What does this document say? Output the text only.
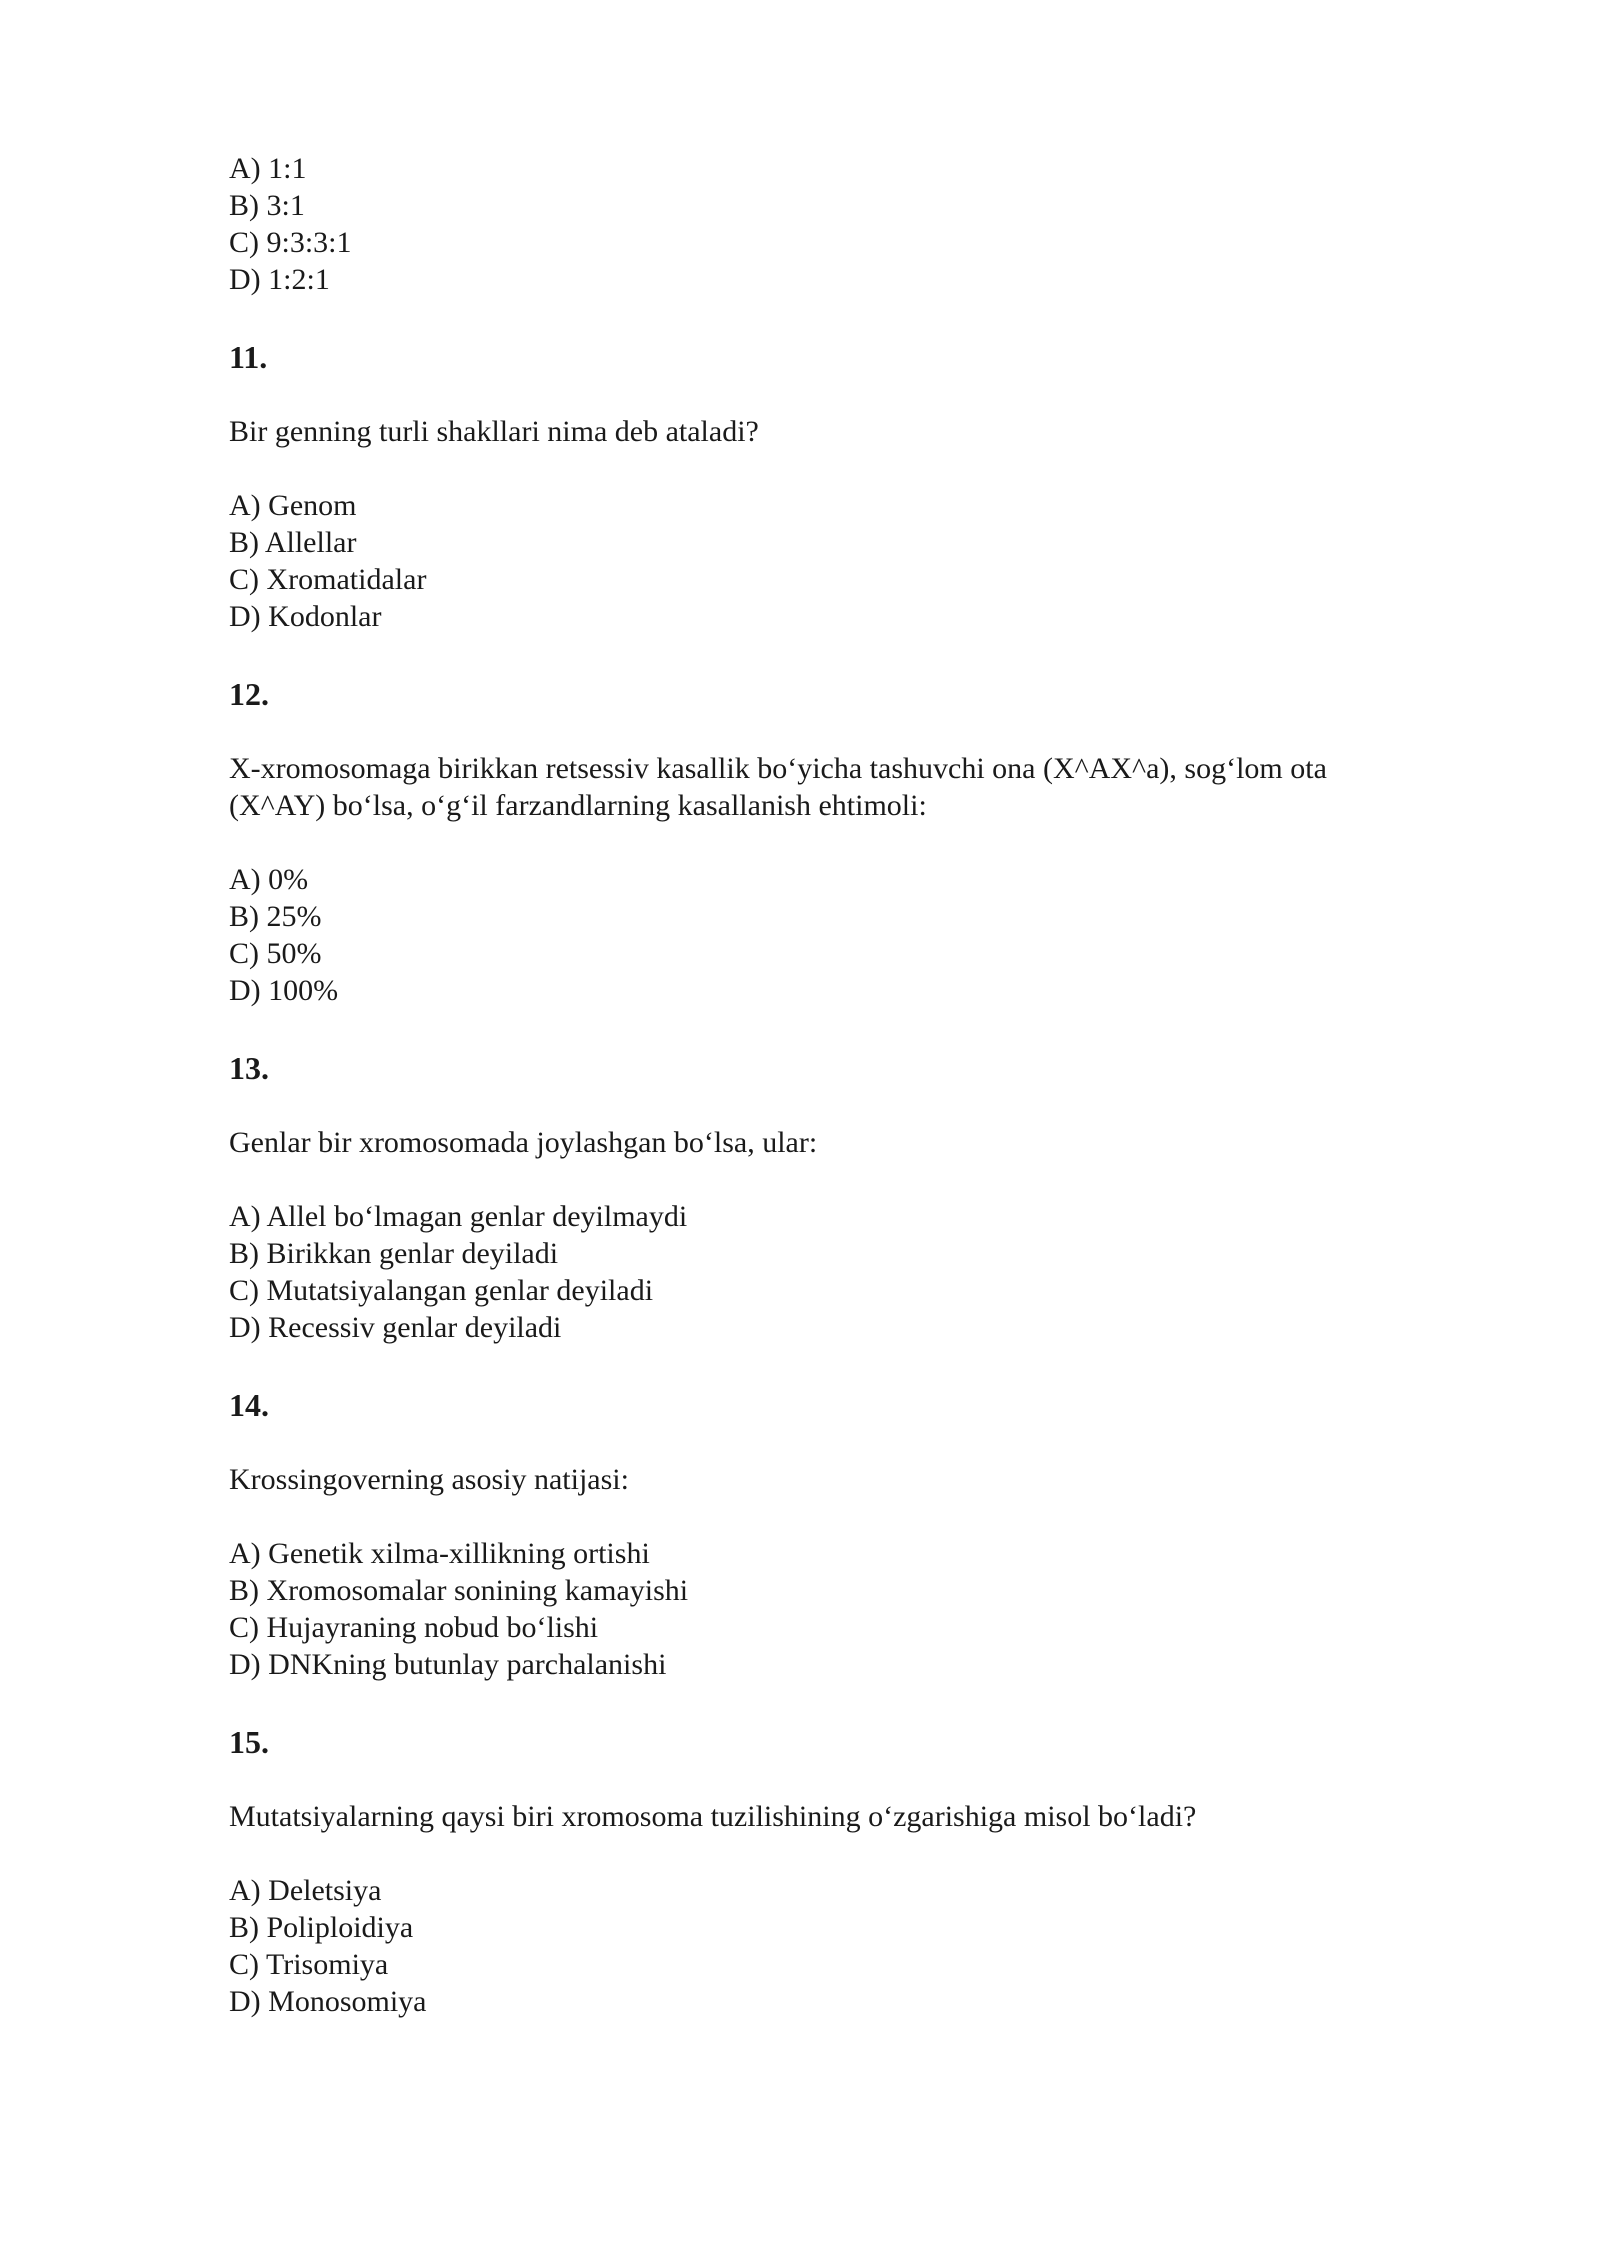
A) 1:1

B) 3:1

C) 9:3:3:1

D) 1:2:1

11.

Bir genning turli shakllari nima deb ataladi?

A) Genom

B) Allellar

C) Xromatidalar

D) Kodonlar

12.

X-xromosomaga birikkan retsessiv kasallik bo‘yicha tashuvchi ona (X^AX^a), sog‘lom ota (X^AY) bo‘lsa, o‘g‘il farzandlarning kasallanish ehtimoli:

A) 0%

B) 25%

C) 50%

D) 100%

13.

Genlar bir xromosomada joylashgan bo‘lsa, ular:

A) Allel bo‘lmagan genlar deyilmaydi

B) Birikkan genlar deyiladi

C) Mutatsiyalangan genlar deyiladi

D) Recessiv genlar deyiladi

14.

Krossingoverning asosiy natijasi:

A) Genetik xilma-xillikning ortishi

B) Xromosomalar sonining kamayishi

C) Hujayraning nobud bo‘lishi

D) DNKning butunlay parchalanishi

15.

Mutatsiyalarning qaysi biri xromosoma tuzilishining o‘zgarishiga misol bo‘ladi?

A) Deletsiya

B) Poliploidiya

C) Trisomiya

D) Monosomiya
